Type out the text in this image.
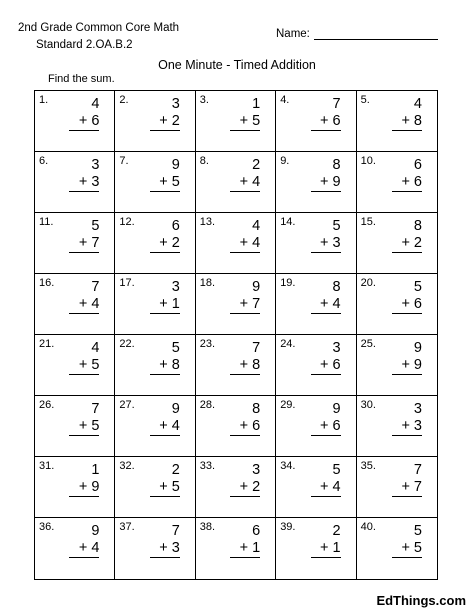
2nd Grade Common Core Math
Standard 2.OA.B.2
Name:
One Minute - Timed Addition
Find the sum.
1.	4
+ 6
2.	3
+ 2
3.	1
+ 5
4.	7
+ 6
5.	4
+ 8
6.	3
+ 3
7.	9
+ 5
8.	2
+ 4
9.	8
+ 9
10.	6
+ 6
11.	5
+ 7
12.	6
+ 2
13.	4
+ 4
14.	5
+ 3
15.	8
+ 2
16.	7
+ 4
17.	3
+ 1
18.	9
+ 7
19.	8
+ 4
20.	5
+ 6
21.	4
+ 5
22.	5
+ 8
23.	7
+ 8
24.	3
+ 6
25.	9
+ 9
26.	7
+ 5
27.	9
+ 4
28.	8
+ 6
29.	9
+ 6
30.	3
+ 3
31.	1
+ 9
32.	2
+ 5
33.	3
+ 2
34.	5
+ 4
35.	7
+ 7
36.	9
+ 4
37.	7
+ 3
38.	6
+ 1
39.	2
+ 1
40.	5
+ 5
EdThings.com
